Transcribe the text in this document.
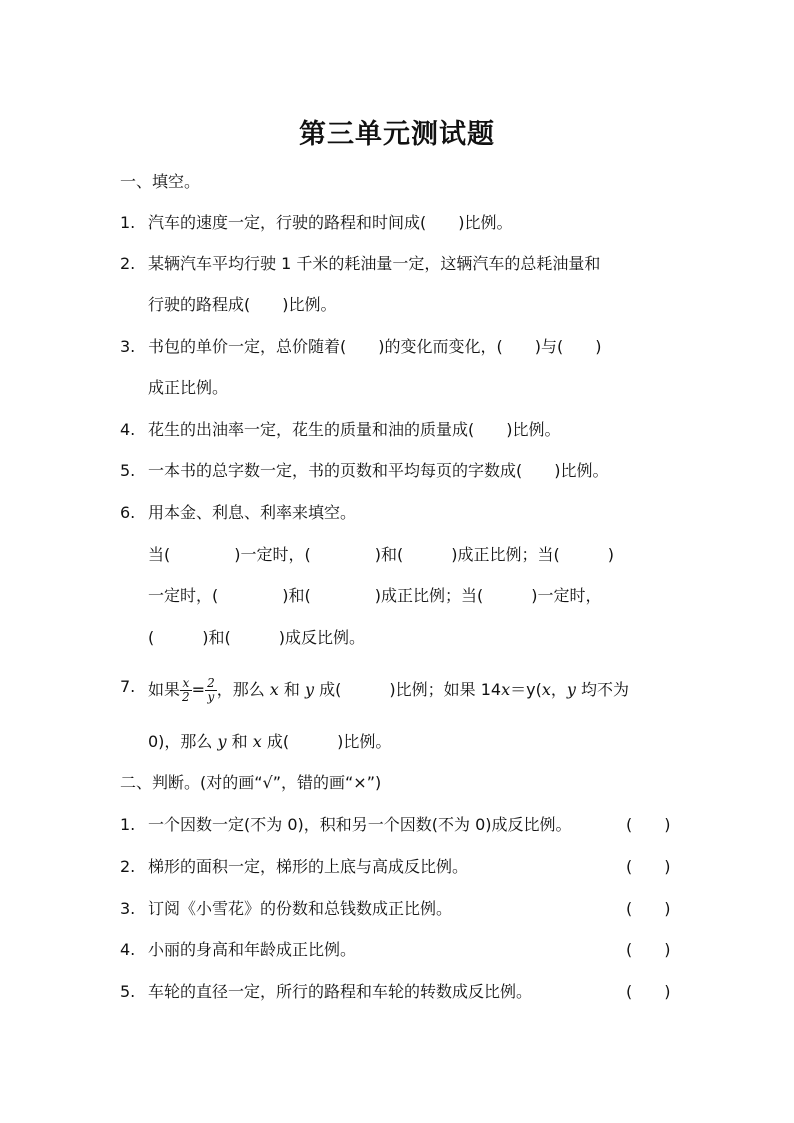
第三单元测试题
一、填空。
1. 汽车的速度一定，行驶的路程和时间成(　　)比例。
2. 某辆汽车平均行驶 1 千米的耗油量一定，这辆汽车的总耗油量和
行驶的路程成(　　)比例。
3. 书包的单价一定，总价随着(　　)的变化而变化，(　　)与(　　)
成正比例。
4. 花生的出油率一定，花生的质量和油的质量成(　　)比例。
5. 一本书的总字数一定，书的页数和平均每页的字数成(　　)比例。
6. 用本金、利息、利率来填空。
当(　　　　)一定时，(　　　　)和(　　　)成正比例；当(　　　)
一定时，(　　　　)和(　　　　)成正比例；当(　　　)一定时，
(　　　)和(　　　)成反比例。
7. 如果 $\frac{x}{2} = \frac{2}{y}$ ，那么 x 和 y 成(　　　)比例；如果 14x＝y(x，y 均不为
0)，那么 y 和 x 成(　　　)比例。
二、判断。(对的画“√”，错的画“×”)
1. 一个因数一定(不为 0)，积和另一个因数(不为 0)成反比例。	(　　)
2. 梯形的面积一定，梯形的上底与高成反比例。	(　　)
3. 订阅《小雪花》的份数和总钱数成正比例。	(　　)
4. 小丽的身高和年龄成正比例。	(　　)
5. 车轮的直径一定，所行的路程和车轮的转数成反比例。	(　　)
